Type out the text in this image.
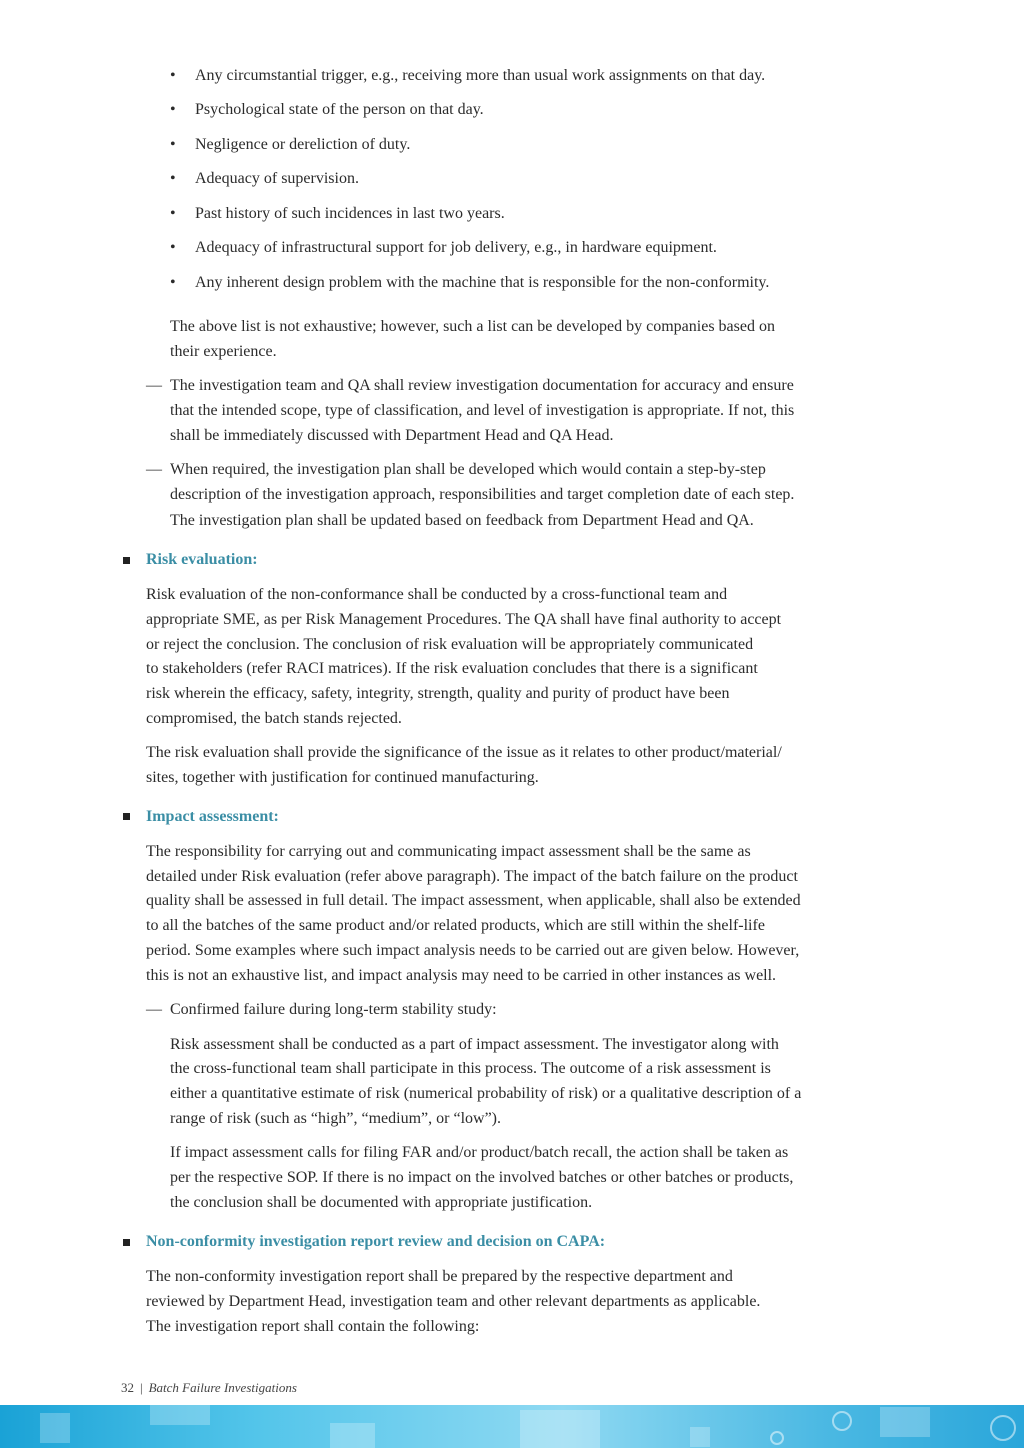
• Any circumstantial trigger, e.g., receiving more than usual work assignments on that day.

• Psychological state of the person on that day.

• Negligence or dereliction of duty.

• Adequacy of supervision.

• Past history of such incidences in last two years.

• Adequacy of infrastructural support for job delivery, e.g., in hardware equipment.

• Any inherent design problem with the machine that is responsible for the non-conformity.

The above list is not exhaustive; however, such a list can be developed by companies based on

their experience.

— The investigation team and QA shall review investigation documentation for accuracy and ensure

that the intended scope, type of classification, and level of investigation is appropriate. If not, this

shall be immediately discussed with Department Head and QA Head.

— When required, the investigation plan shall be developed which would contain a step-by-step

description of the investigation approach, responsibilities and target completion date of each step.

The investigation plan shall be updated based on feedback from Department Head and QA.

Risk evaluation:

Risk evaluation of the non-conformance shall be conducted by a cross-functional team and

appropriate SME, as per Risk Management Procedures. The QA shall have final authority to accept

or reject the conclusion. The conclusion of risk evaluation will be appropriately communicated

to stakeholders (refer RACI matrices). If the risk evaluation concludes that there is a significant

risk wherein the efficacy, safety, integrity, strength, quality and purity of product have been

compromised, the batch stands rejected.

The risk evaluation shall provide the significance of the issue as it relates to other product/material/

sites, together with justification for continued manufacturing.

Impact assessment:

The responsibility for carrying out and communicating impact assessment shall be the same as

detailed under Risk evaluation (refer above paragraph). The impact of the batch failure on the product

quality shall be assessed in full detail. The impact assessment, when applicable, shall also be extended

to all the batches of the same product and/or related products, which are still within the shelf-life

period. Some examples where such impact analysis needs to be carried out are given below. However,

this is not an exhaustive list, and impact analysis may need to be carried in other instances as well.

— Confirmed failure during long-term stability study:

Risk assessment shall be conducted as a part of impact assessment. The investigator along with

the cross-functional team shall participate in this process. The outcome of a risk assessment is

either a quantitative estimate of risk (numerical probability of risk) or a qualitative description of a

range of risk (such as “high”, “medium”, or “low”).

If impact assessment calls for filing FAR and/or product/batch recall, the action shall be taken as

per the respective SOP. If there is no impact on the involved batches or other batches or products,

the conclusion shall be documented with appropriate justification.

Non-conformity investigation report review and decision on CAPA:

The non-conformity investigation report shall be prepared by the respective department and

reviewed by Department Head, investigation team and other relevant departments as applicable.

The investigation report shall contain the following:

32 | Batch Failure Investigations
